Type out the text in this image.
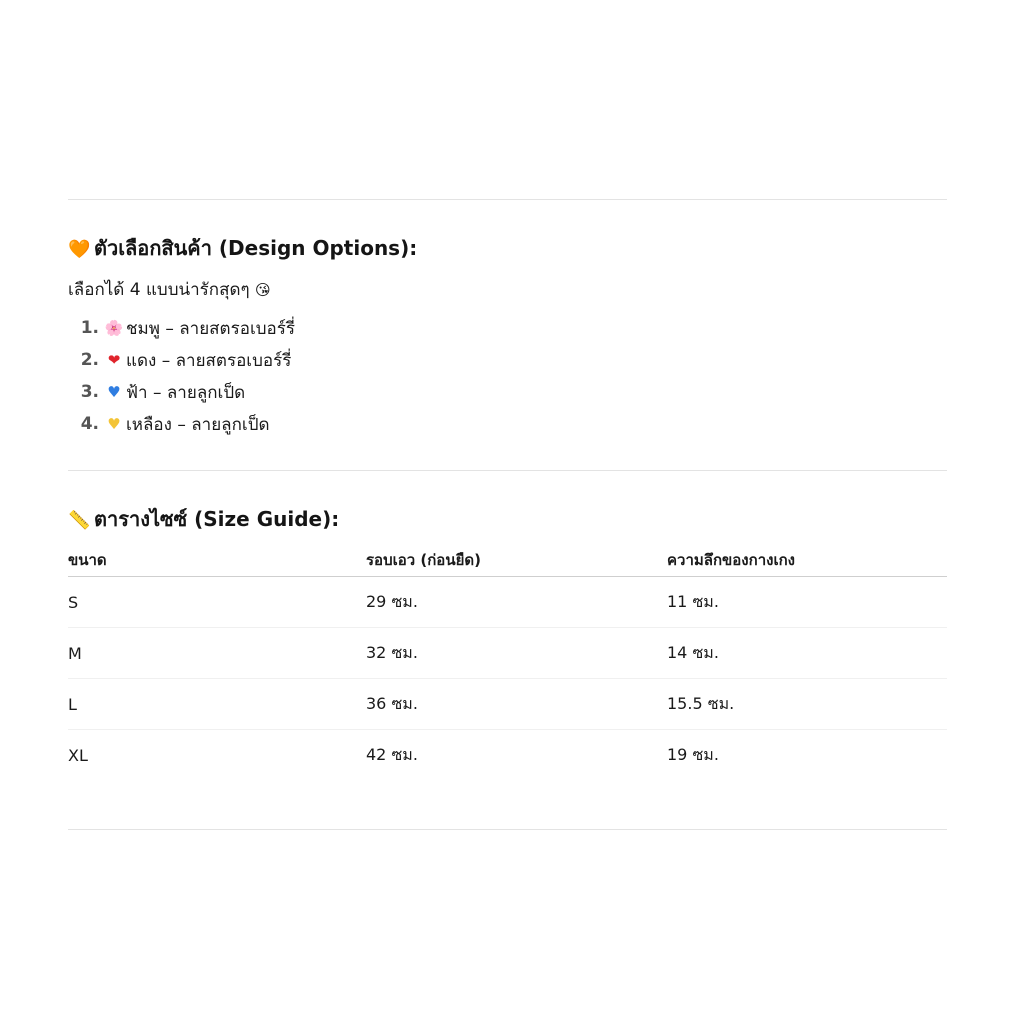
🧡 ตัวเลือกสินค้า (Design Options):
เลือกได้ 4 แบบน่ารักสุดๆ 😘
1. 🌸 ชมพู – ลายสตรอเบอร์รี่
2. ❤ แดง – ลายสตรอเบอร์รี่
3. ♥ ฟ้า – ลายลูกเป็ด
4. ♥ เหลือง – ลายลูกเป็ด
📏 ตารางไซซ์ (Size Guide):
ขนาด	รอบเอว (ก่อนยืด)	ความลึกของกางเกง
S	29 ซม.	11 ซม.
M	32 ซม.	14 ซม.
L	36 ซม.	15.5 ซม.
XL	42 ซม.	19 ซม.
